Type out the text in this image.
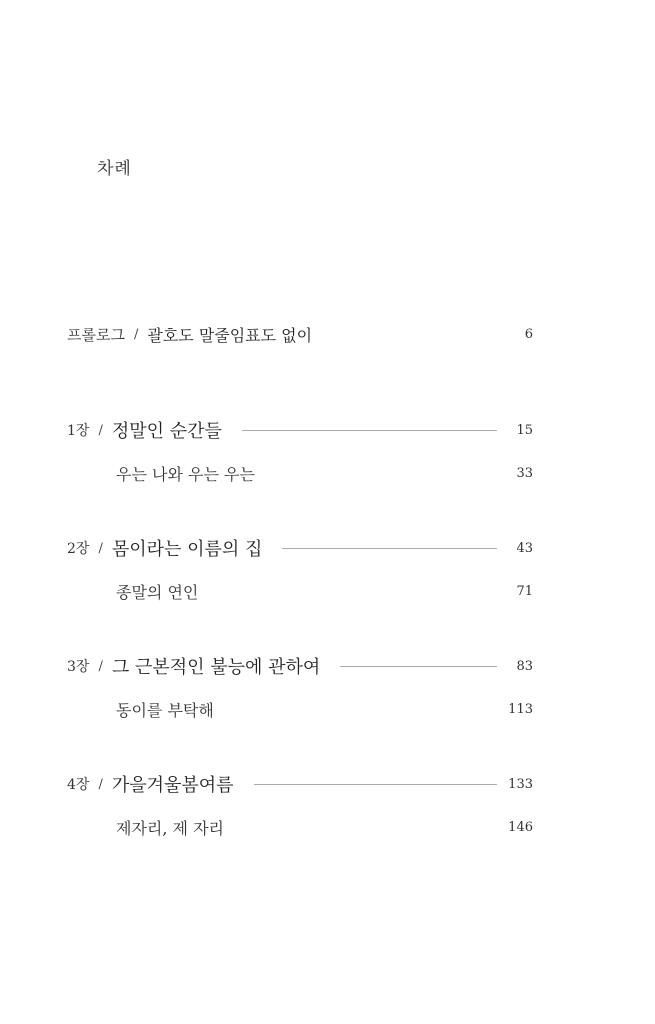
차례
프롤로그 / 괄호도 말줄임표도 없이	6
1장 / 정말인 순간들	15
우는 나와 우는 우는	33
2장 / 몸이라는 이름의 집	43
종말의 연인	71
3장 / 그 근본적인 불능에 관하여	83
동이를 부탁해	113
4장 / 가을겨울봄여름	133
제자리, 제 자리	146
